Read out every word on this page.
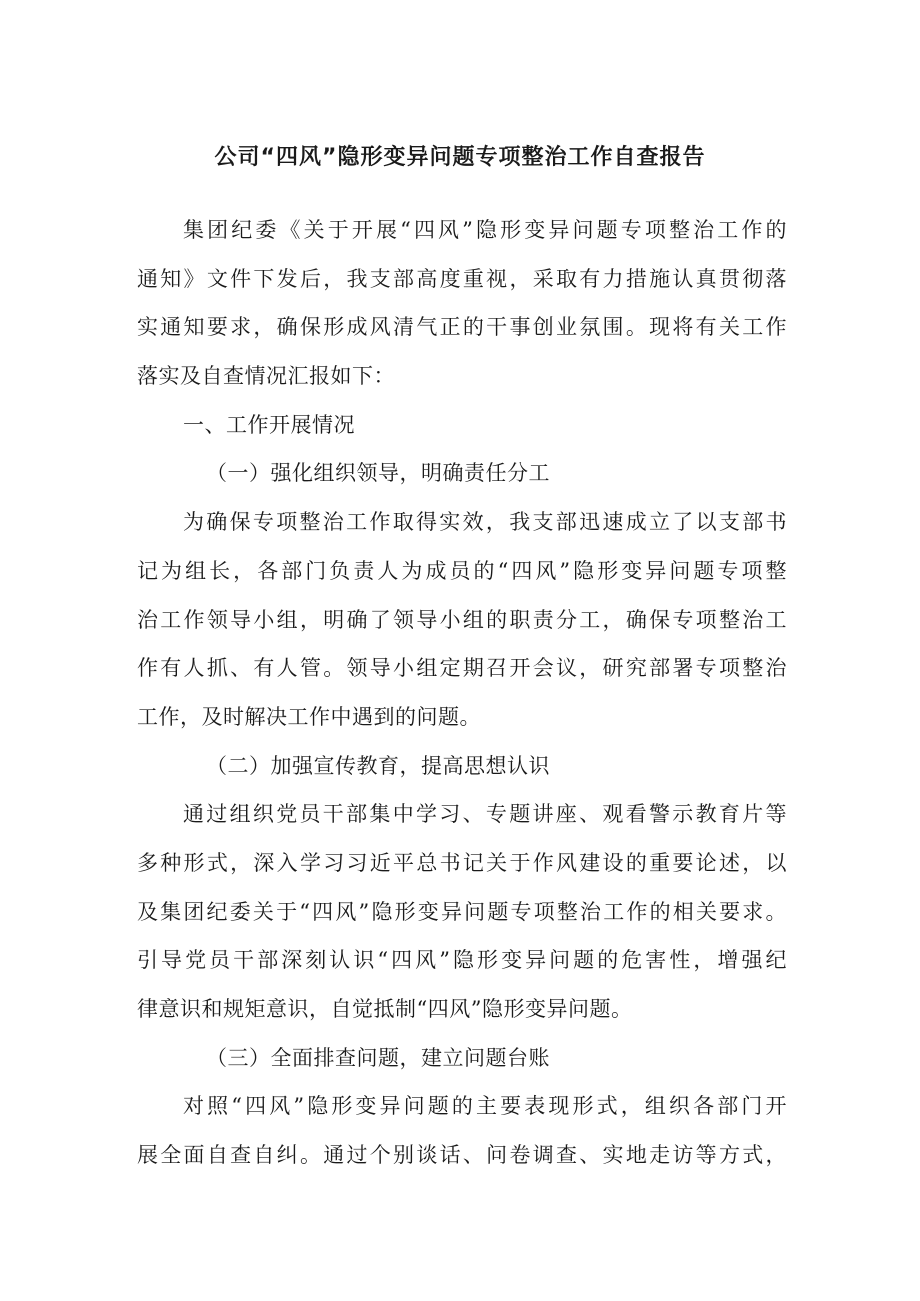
公司“四风”隐形变异问题专项整治工作自查报告
集团纪委《关于开展“四风”隐形变异问题专项整治工作的
通知》文件下发后，我支部高度重视，采取有力措施认真贯彻落
实通知要求，确保形成风清气正的干事创业氛围。现将有关工作
落实及自查情况汇报如下：
一、工作开展情况
（一）强化组织领导，明确责任分工
为确保专项整治工作取得实效，我支部迅速成立了以支部书
记为组长，各部门负责人为成员的“四风”隐形变异问题专项整
治工作领导小组，明确了领导小组的职责分工，确保专项整治工
作有人抓、有人管。领导小组定期召开会议，研究部署专项整治
工作，及时解决工作中遇到的问题。
（二）加强宣传教育，提高思想认识
通过组织党员干部集中学习、专题讲座、观看警示教育片等
多种形式，深入学习习近平总书记关于作风建设的重要论述，以
及集团纪委关于“四风”隐形变异问题专项整治工作的相关要求。
引导党员干部深刻认识“四风”隐形变异问题的危害性，增强纪
律意识和规矩意识，自觉抵制“四风”隐形变异问题。
（三）全面排查问题，建立问题台账
对照“四风”隐形变异问题的主要表现形式，组织各部门开
展全面自查自纠。通过个别谈话、问卷调查、实地走访等方式，
